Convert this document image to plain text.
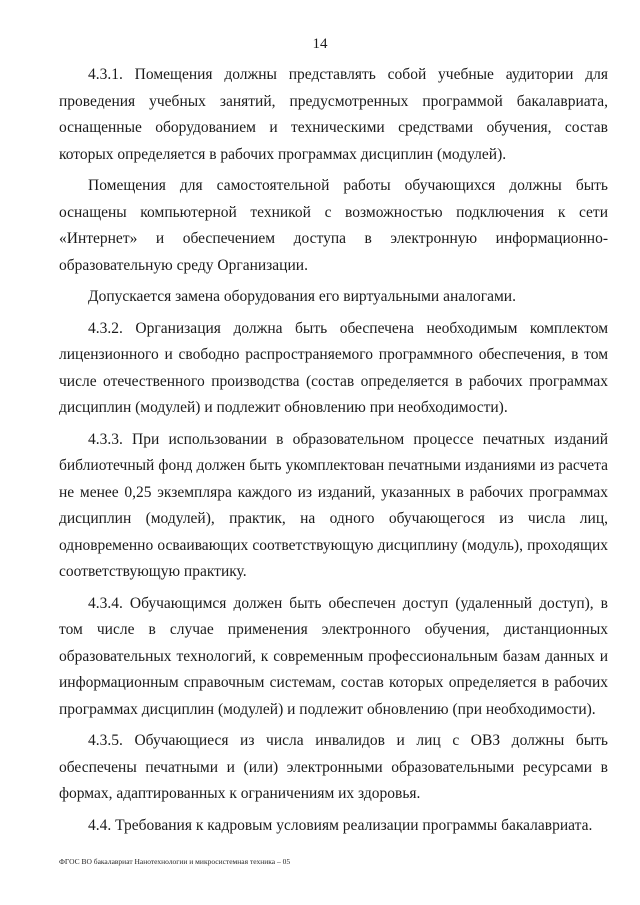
14

4.3.1. Помещения должны представлять собой учебные аудитории для проведения учебных занятий, предусмотренных программой бакалавриата, оснащенные оборудованием и техническими средствами обучения, состав которых определяется в рабочих программах дисциплин (модулей).

Помещения для самостоятельной работы обучающихся должны быть оснащены компьютерной техникой с возможностью подключения к сети «Интернет» и обеспечением доступа в электронную информационно-образовательную среду Организации.

Допускается замена оборудования его виртуальными аналогами.

4.3.2. Организация должна быть обеспечена необходимым комплектом лицензионного и свободно распространяемого программного обеспечения, в том числе отечественного производства (состав определяется в рабочих программах дисциплин (модулей) и подлежит обновлению при необходимости).

4.3.3. При использовании в образовательном процессе печатных изданий библиотечный фонд должен быть укомплектован печатными изданиями из расчета не менее 0,25 экземпляра каждого из изданий, указанных в рабочих программах дисциплин (модулей), практик, на одного обучающегося из числа лиц, одновременно осваивающих соответствующую дисциплину (модуль), проходящих соответствующую практику.

4.3.4. Обучающимся должен быть обеспечен доступ (удаленный доступ), в том числе в случае применения электронного обучения, дистанционных образовательных технологий, к современным профессиональным базам данных и информационным справочным системам, состав которых определяется в рабочих программах дисциплин (модулей) и подлежит обновлению (при необходимости).

4.3.5. Обучающиеся из числа инвалидов и лиц с ОВЗ должны быть обеспечены печатными и (или) электронными образовательными ресурсами в формах, адаптированных к ограничениям их здоровья.

4.4. Требования к кадровым условиям реализации программы бакалавриата.

ФГОС ВО бакалавриат Нанотехнологии и микросистемная техника – 05
